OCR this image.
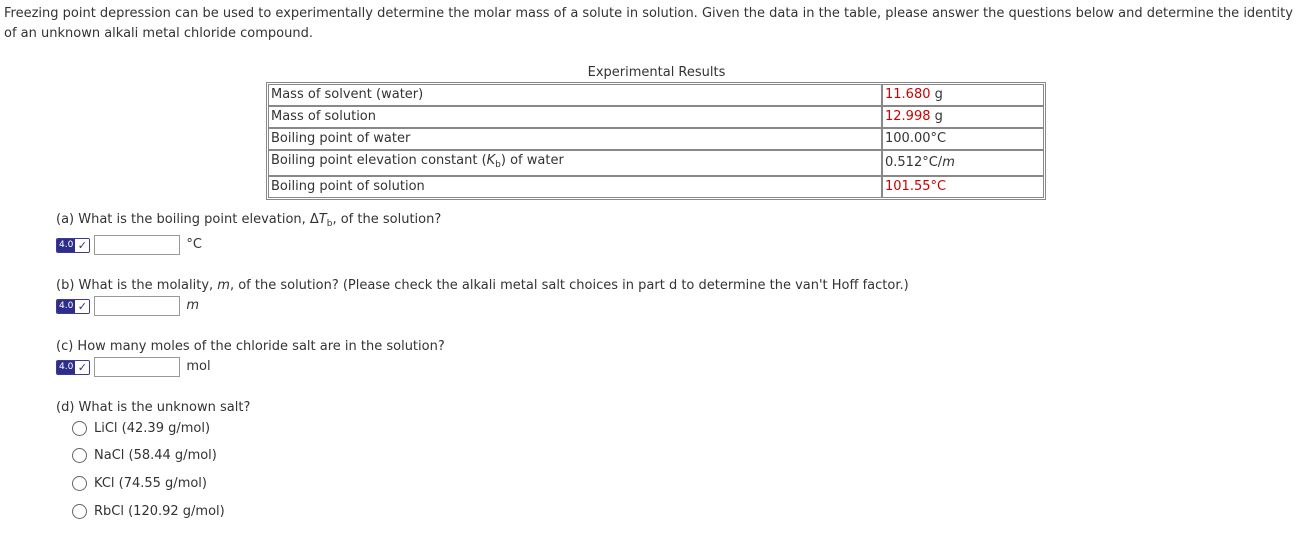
Freezing point depression can be used to experimentally determine the molar mass of a solute in solution. Given the data in the table, please answer the questions below and determine the identity of an unknown alkali metal chloride compound.
Experimental Results
Mass of solvent (water)	11.680 g
Mass of solution	12.998 g
Boiling point of water	100.00°C
Boiling point elevation constant $(K_b)$ of water	0.512°C/m
Boiling point of solution	101.55°C
(a) What is the boiling point elevation, $\Delta T_b$, of the solution?
4.0 ✓	°C
(b) What is the molality, m, of the solution? (Please check the alkali metal salt choices in part d to determine the van't Hoff factor.)
4.0 ✓	m
(c) How many moles of the chloride salt are in the solution?
4.0 ✓	mol
(d) What is the unknown salt?
LiCl (42.39 g/mol)
NaCl (58.44 g/mol)
KCl (74.55 g/mol)
RbCl (120.92 g/mol)
